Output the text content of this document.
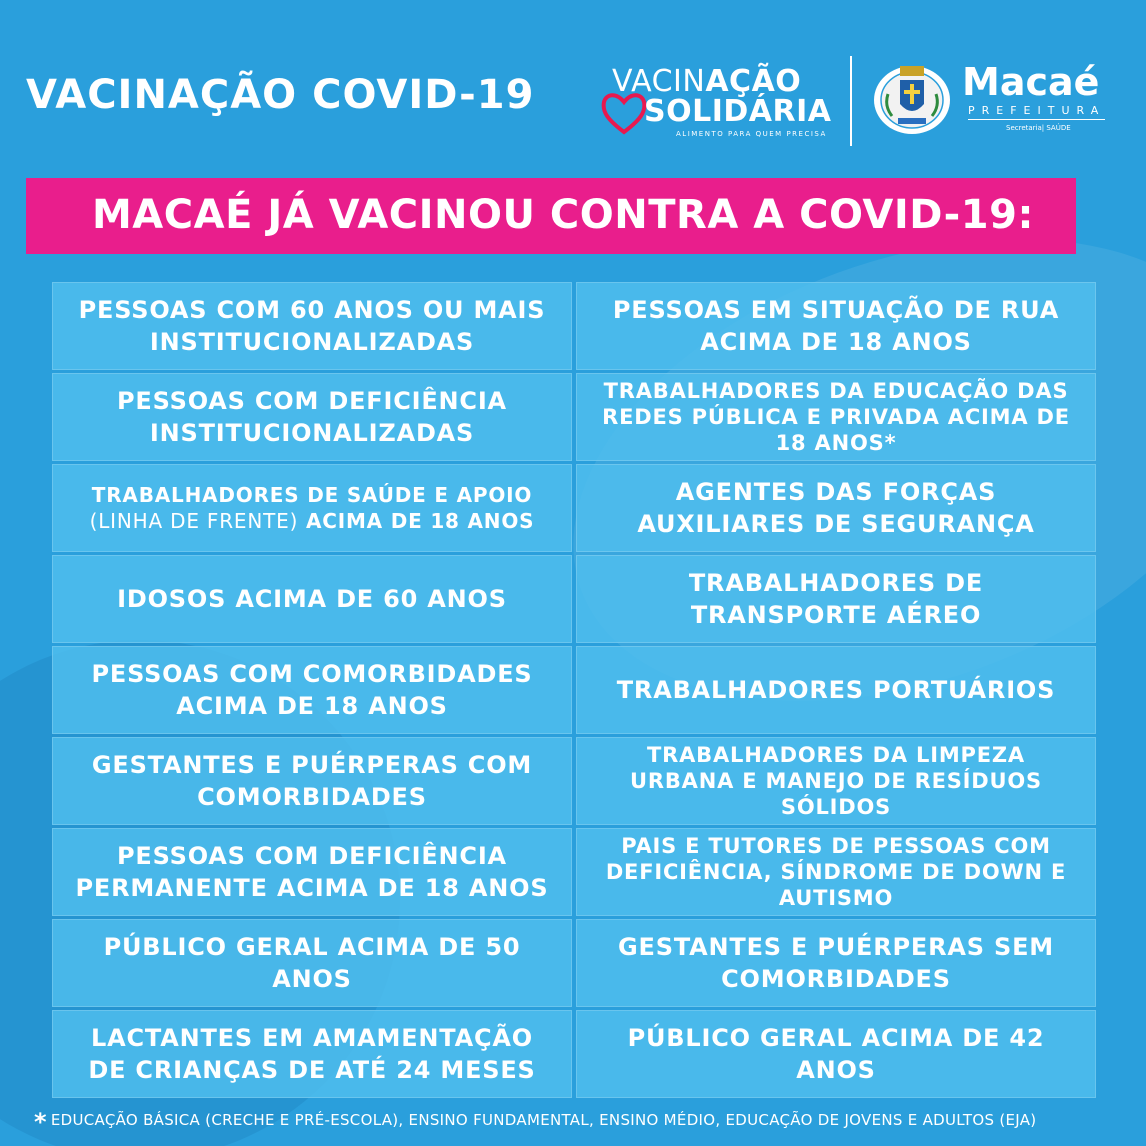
VACINAÇÃO COVID-19	VACINAÇÃO
SOLIDÁRIA
ALIMENTO PARA QUEM PRECISA
Macaé
PREFEITURA
Secretaria| SAÚDE
MACAÉ JÁ VACINOU CONTRA A COVID-19:
PESSOAS COM 60 ANOS OU MAIS INSTITUCIONALIZADAS
PESSOAS EM SITUAÇÃO DE RUA ACIMA DE 18 ANOS
PESSOAS COM DEFICIÊNCIA INSTITUCIONALIZADAS
TRABALHADORES DA EDUCAÇÃO DAS REDES PÚBLICA E PRIVADA ACIMA DE 18 ANOS*
TRABALHADORES DE SAÚDE E APOIO
(LINHA DE FRENTE) ACIMA DE 18 ANOS
AGENTES DAS FORÇAS AUXILIARES DE SEGURANÇA
IDOSOS ACIMA DE 60 ANOS
TRABALHADORES DE TRANSPORTE AÉREO
PESSOAS COM COMORBIDADES ACIMA DE 18 ANOS
TRABALHADORES PORTUÁRIOS
GESTANTES E PUÉRPERAS COM COMORBIDADES
TRABALHADORES DA LIMPEZA URBANA E MANEJO DE RESÍDUOS SÓLIDOS
PESSOAS COM DEFICIÊNCIA PERMANENTE ACIMA DE 18 ANOS
PAIS E TUTORES DE PESSOAS COM DEFICIÊNCIA, SÍNDROME DE DOWN E AUTISMO
PÚBLICO GERAL ACIMA DE 50 ANOS
GESTANTES E PUÉRPERAS SEM COMORBIDADES
LACTANTES EM AMAMENTAÇÃO DE CRIANÇAS DE ATÉ 24 MESES
PÚBLICO GERAL ACIMA DE 42 ANOS
* EDUCAÇÃO BÁSICA (CRECHE E PRÉ-ESCOLA), ENSINO FUNDAMENTAL, ENSINO MÉDIO, EDUCAÇÃO DE JOVENS E ADULTOS (EJA)
